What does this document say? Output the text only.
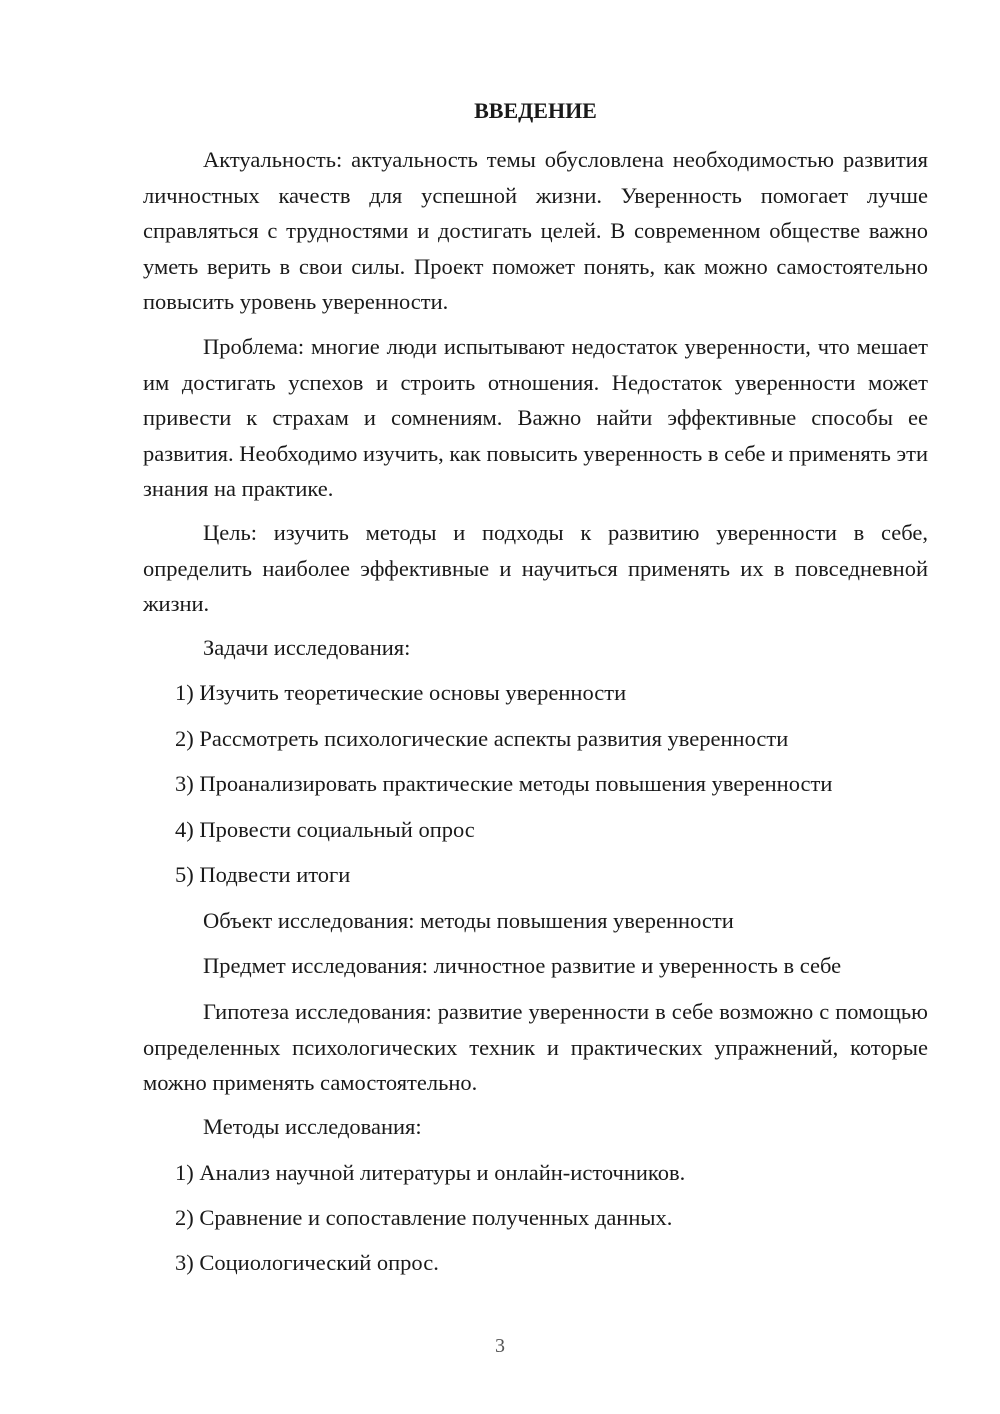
ВВЕДЕНИЕ

Актуальность: актуальность темы обусловлена необходимостью развития личностных качеств для успешной жизни. Уверенность помогает лучше справляться с трудностями и достигать целей. В современном обществе важно уметь верить в свои силы. Проект поможет понять, как можно самостоятельно повысить уровень уверенности.

Проблема: многие люди испытывают недостаток уверенности, что мешает им достигать успехов и строить отношения. Недостаток уверенности может привести к страхам и сомнениям. Важно найти эффективные способы ее развития. Необходимо изучить, как повысить уверенность в себе и применять эти знания на практике.

Цель: изучить методы и подходы к развитию уверенности в себе, определить наиболее эффективные и научиться применять их в повседневной жизни.

Задачи исследования:

1) Изучить теоретические основы уверенности

2) Рассмотреть психологические аспекты развития уверенности

3) Проанализировать практические методы повышения уверенности

4) Провести социальный опрос

5) Подвести итоги

Объект исследования: методы повышения уверенности

Предмет исследования: личностное развитие и уверенность в себе

Гипотеза исследования: развитие уверенности в себе возможно с помощью определенных психологических техник и практических упражнений, которые можно применять самостоятельно.

Методы исследования:

1) Анализ научной литературы и онлайн-источников.

2) Сравнение и сопоставление полученных данных.

3) Социологический опрос.

3
